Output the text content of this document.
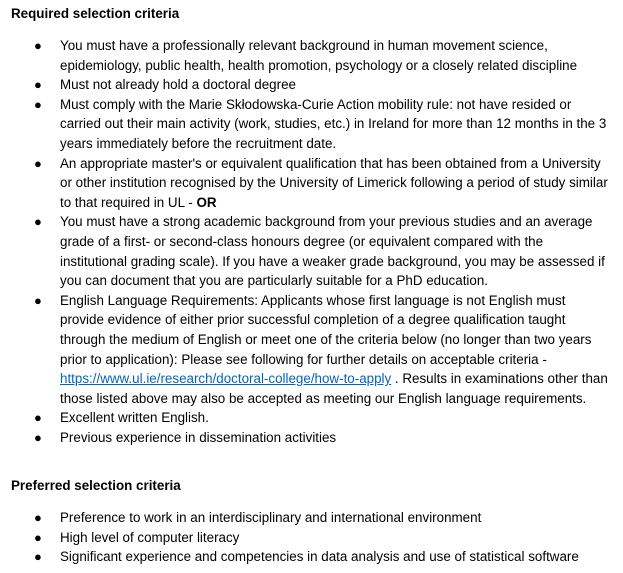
Required selection criteria
● You must have a professionally relevant background in human movement science, epidemiology, public health, health promotion, psychology or a closely related discipline
● Must not already hold a doctoral degree
● Must comply with the Marie Skłodowska-Curie Action mobility rule: not have resided or carried out their main activity (work, studies, etc.) in Ireland for more than 12 months in the 3 years immediately before the recruitment date.
● An appropriate master's or equivalent qualification that has been obtained from a University or other institution recognised by the University of Limerick following a period of study similar to that required in UL - OR
● You must have a strong academic background from your previous studies and an average grade of a first- or second-class honours degree (or equivalent compared with the institutional grading scale). If you have a weaker grade background, you may be assessed if you can document that you are particularly suitable for a PhD education.
● English Language Requirements: Applicants whose first language is not English must provide evidence of either prior successful completion of a degree qualification taught through the medium of English or meet one of the criteria below (no longer than two years prior to application): Please see following for further details on acceptable criteria - https://www.ul.ie/research/doctoral-college/how-to-apply . Results in examinations other than those listed above may also be accepted as meeting our English language requirements.
● Excellent written English.
● Previous experience in dissemination activities
Preferred selection criteria
● Preference to work in an interdisciplinary and international environment
● High level of computer literacy
● Significant experience and competencies in data analysis and use of statistical software
